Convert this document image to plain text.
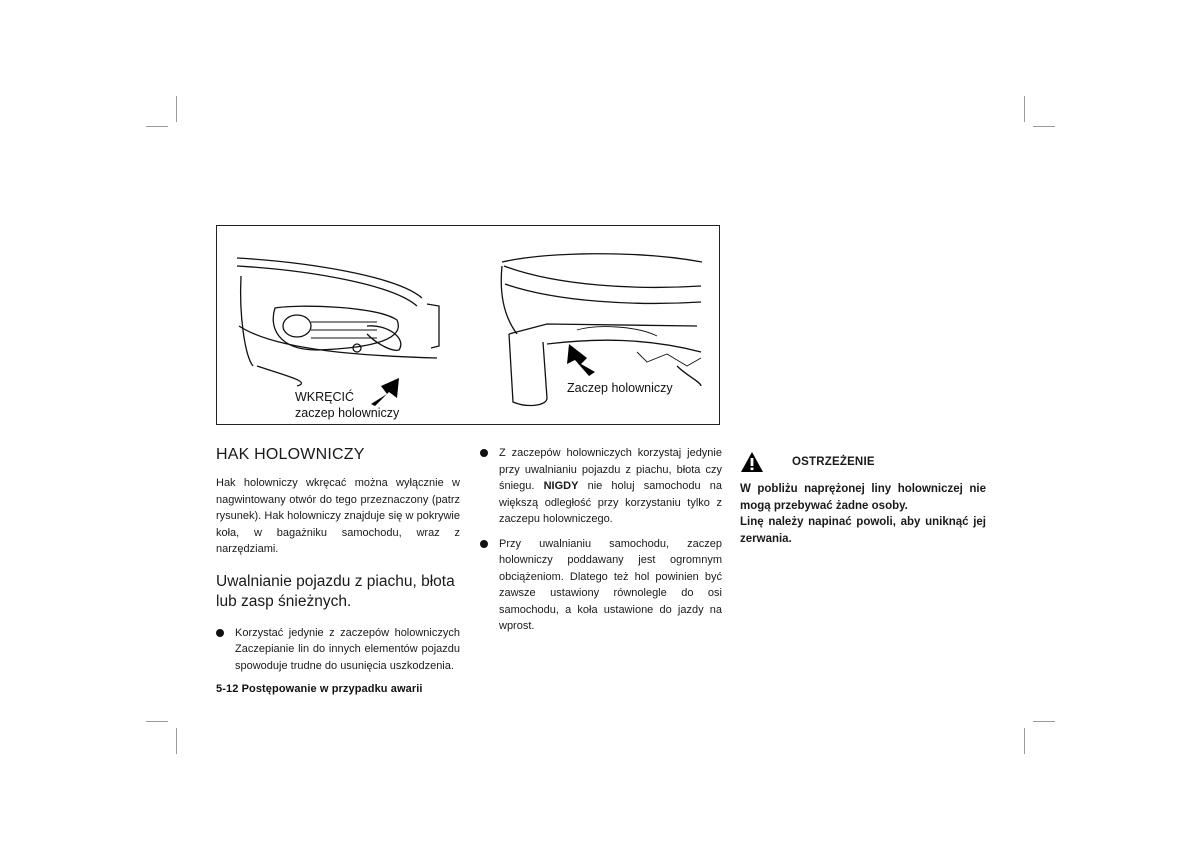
WKRĘCIĆ
zaczep holowniczy
Zaczep holowniczy
HAK HOLOWNICZY

Hak holowniczy wkręcać można wyłącznie w nagwintowany otwór do tego przeznaczony (patrz rysunek). Hak holowniczy znajduje się w pokrywie koła, w bagażniku samochodu, wraz z narzędziami.

Uwalnianie pojazdu z piachu, błota lub zasp śnieżnych.
Korzystać jedynie z zaczepów holowniczych Zaczepianie lin do innych elementów pojazdu spowoduje trudne do usunięcia uszkodzenia.
Z zaczepów holowniczych korzystaj jedynie przy uwalnianiu pojazdu z piachu, błota czy śniegu. NIGDY nie holuj samochodu na większą odległość przy korzystaniu tylko z zaczepu holowniczego.
Przy uwalnianiu samochodu, zaczep holowniczy poddawany jest ogromnym obciążeniom. Dlatego też hol powinien być zawsze ustawiony równolegle do osi samochodu, a koła ustawione do jazdy na wprost.
OSTRZEŻENIE

W pobliżu naprężonej liny holowniczej nie mogą przebywać żadne osoby.

Linę należy napinać powoli, aby uniknąć jej zerwania.

5-12 Postępowanie w przypadku awarii
